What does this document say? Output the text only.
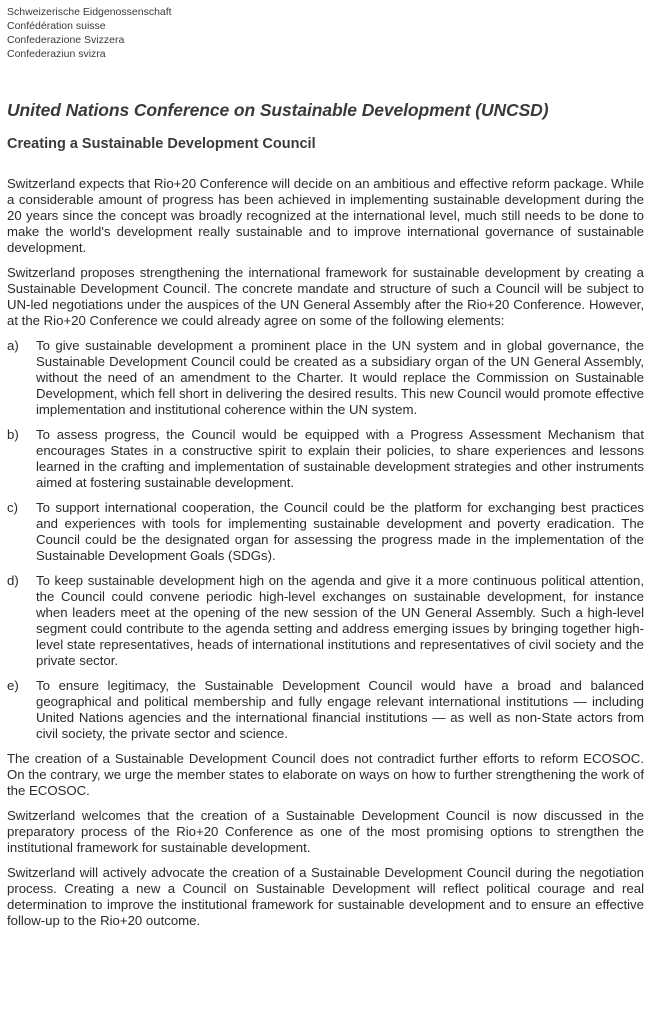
Schweizerische Eidgenossenschaft
Confédération suisse
Confederazione Svizzera
Confederaziun svizra
United Nations Conference on Sustainable Development (UNCSD)
Creating a Sustainable Development Council

Switzerland expects that Rio+20 Conference will decide on an ambitious and effective reform package. While a considerable amount of progress has been achieved in implementing sustainable development during the 20 years since the concept was broadly recognized at the international level, much still needs to be done to make the world's development really sustainable and to improve international governance of sustainable development.

Switzerland proposes strengthening the international framework for sustainable development by creating a Sustainable Development Council. The concrete mandate and structure of such a Council will be subject to UN-led negotiations under the auspices of the UN General Assembly after the Rio+20 Conference. However, at the Rio+20 Conference we could already agree on some of the following elements:

a)	To give sustainable development a prominent place in the UN system and in global governance, the Sustainable Development Council could be created as a subsidiary organ of the UN General Assembly, without the need of an amendment to the Charter. It would replace the Commission on Sustainable Development, which fell short in delivering the desired results. This new Council would promote effective implementation and institutional coherence within the UN system.
b)	To assess progress, the Council would be equipped with a Progress Assessment Mechanism that encourages States in a constructive spirit to explain their policies, to share experiences and lessons learned in the crafting and implementation of sustainable development strategies and other instruments aimed at fostering sustainable development.
c)	To support international cooperation, the Council could be the platform for exchanging best practices and experiences with tools for implementing sustainable development and poverty eradication. The Council could be the designated organ for assessing the progress made in the implementation of the Sustainable Development Goals (SDGs).
d)	To keep sustainable development high on the agenda and give it a more continuous political attention, the Council could convene periodic high-level exchanges on sustainable development, for instance when leaders meet at the opening of the new session of the UN General Assembly. Such a high-level segment could contribute to the agenda setting and address emerging issues by bringing together high-level state representatives, heads of international institutions and representatives of civil society and the private sector.
e)	To ensure legitimacy, the Sustainable Development Council would have a broad and balanced geographical and political membership and fully engage relevant international institutions — including United Nations agencies and the international financial institutions — as well as non-State actors from civil society, the private sector and science.

The creation of a Sustainable Development Council does not contradict further efforts to reform ECOSOC. On the contrary, we urge the member states to elaborate on ways on how to further strengthening the work of the ECOSOC.

Switzerland welcomes that the creation of a Sustainable Development Council is now discussed in the preparatory process of the Rio+20 Conference as one of the most promising options to strengthen the institutional framework for sustainable development.

Switzerland will actively advocate the creation of a Sustainable Development Council during the negotiation process. Creating a new a Council on Sustainable Development will reflect political courage and real determination to improve the institutional framework for sustainable development and to ensure an effective follow-up to the Rio+20 outcome.
